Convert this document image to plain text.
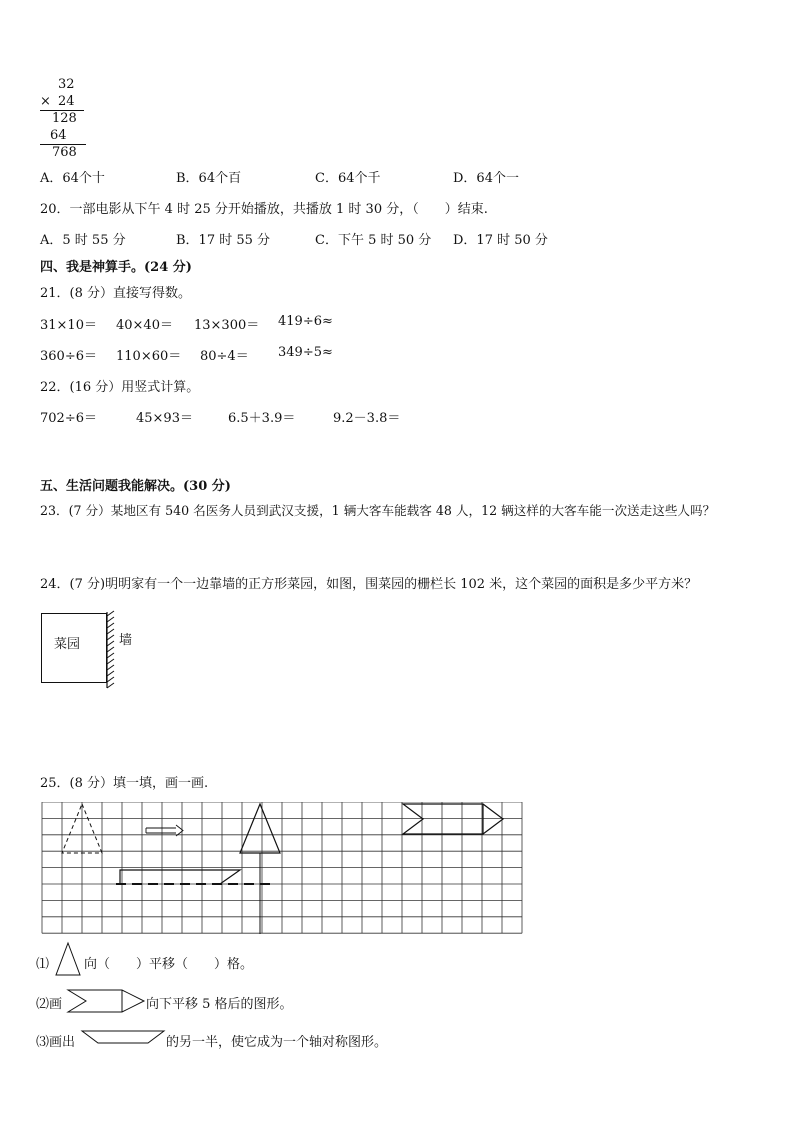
32
× 24
128
64
768
A．64个十	B．64个百	C．64个千	D．64个一
20．一部电影从下午 4 时 25 分开始播放，共播放 1 时 30 分，（　　）结束.
A．5 时 55 分	B．17 时 55 分	C．下午 5 时 50 分 D．17 时 50 分
四、我是神算手。(24 分)
21．(8 分）直接写得数。
31×10＝ 40×40＝ 13×300＝ 419÷6≈
360÷6＝ 110×60＝ 80÷4＝ 349÷5≈
22．(16 分）用竖式计算。
702÷6＝	45×93＝	6.5＋3.9＝	9.2－3.8＝
五、生活问题我能解决。(30 分)
23．(7 分）某地区有 540 名医务人员到武汉支援，1 辆大客车能载客 48 人，12 辆这样的大客车能一次送走这些人吗？
24．(7 分)明明家有一个一边靠墙的正方形菜园，如图，围菜园的栅栏长 102 米，这个菜园的面积是多少平方米？
菜园	墙
25．(8 分）填一填，画一画.
⑴	向（　　）平移（　　）格。
⑵画	向下平移 5 格后的图形。
⑶画出	的另一半，使它成为一个轴对称图形。
